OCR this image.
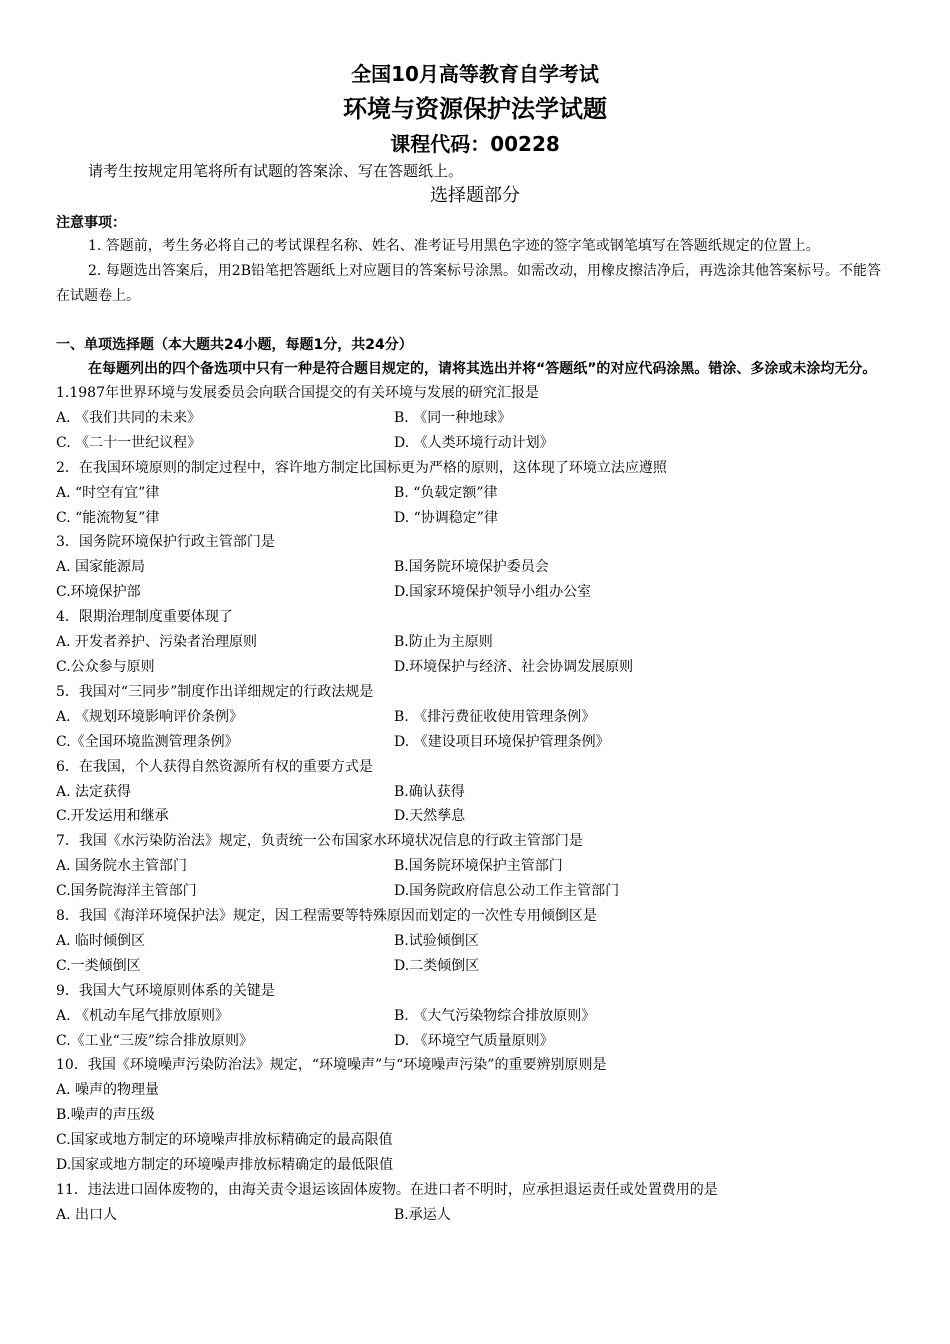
全国10月高等教育自学考试
环境与资源保护法学试题
课程代码：00228
请考生按规定用笔将所有试题的答案涂、写在答题纸上。
选择题部分
注意事项：
1. 答题前，考生务必将自己的考试课程名称、姓名、准考证号用黑色字迹的签字笔或钢笔填写在答题纸规定的位置上。
2. 每题选出答案后，用2B铅笔把答题纸上对应题目的答案标号涂黑。如需改动，用橡皮擦洁净后，再选涂其他答案标号。不能答在试题卷上。
一、单项选择题（本大题共24小题，每题1分，共24分）
在每题列出的四个备选项中只有一种是符合题目规定的，请将其选出并将“答题纸”的对应代码涂黑。错涂、多涂或未涂均无分。
1.1987年世界环境与发展委员会向联合国提交的有关环境与发展的研究汇报是
A. 《我们共同的未来》	B. 《同一种地球》
C. 《二十一世纪议程》	D. 《人类环境行动计划》
2．在我国环境原则的制定过程中，容许地方制定比国标更为严格的原则，这体现了环境立法应遵照
A. “时空有宜”律	B. “负载定额”律
C. “能流物复”律	D. “协调稳定”律
3．国务院环境保护行政主管部门是
A. 国家能源局	B.国务院环境保护委员会
C.环境保护部	D.国家环境保护领导小组办公室
4．限期治理制度重要体现了
A. 开发者养护、污染者治理原则	B.防止为主原则
C.公众参与原则	D.环境保护与经济、社会协调发展原则
5．我国对“三同步”制度作出详细规定的行政法规是
A. 《规划环境影响评价条例》	B. 《排污费征收使用管理条例》
C.《全国环境监测管理条例》	D. 《建设项目环境保护管理条例》
6．在我国，个人获得自然资源所有权的重要方式是
A. 法定获得	B.确认获得
C.开发运用和继承	D.天然孳息
7．我国《水污染防治法》规定，负责统一公布国家水环境状况信息的行政主管部门是
A. 国务院水主管部门	B.国务院环境保护主管部门
C.国务院海洋主管部门	D.国务院政府信息公动工作主管部门
8．我国《海洋环境保护法》规定，因工程需要等特殊原因而划定的一次性专用倾倒区是
A. 临时倾倒区	B.试验倾倒区
C.一类倾倒区	D.二类倾倒区
9．我国大气环境原则体系的关键是
A. 《机动车尾气排放原则》	B. 《大气污染物综合排放原则》
C.《工业“三废”综合排放原则》	D. 《环境空气质量原则》
10．我国《环境噪声污染防治法》规定，“环境噪声”与“环境噪声污染”的重要辨别原则是
A. 噪声的物理量
B.噪声的声压级
C.国家或地方制定的环境噪声排放标精确定的最高限值
D.国家或地方制定的环境噪声排放标精确定的最低限值
11．违法进口固体废物的，由海关责令退运该固体废物。在进口者不明时，应承担退运责任或处置费用的是
A. 出口人	B.承运人
